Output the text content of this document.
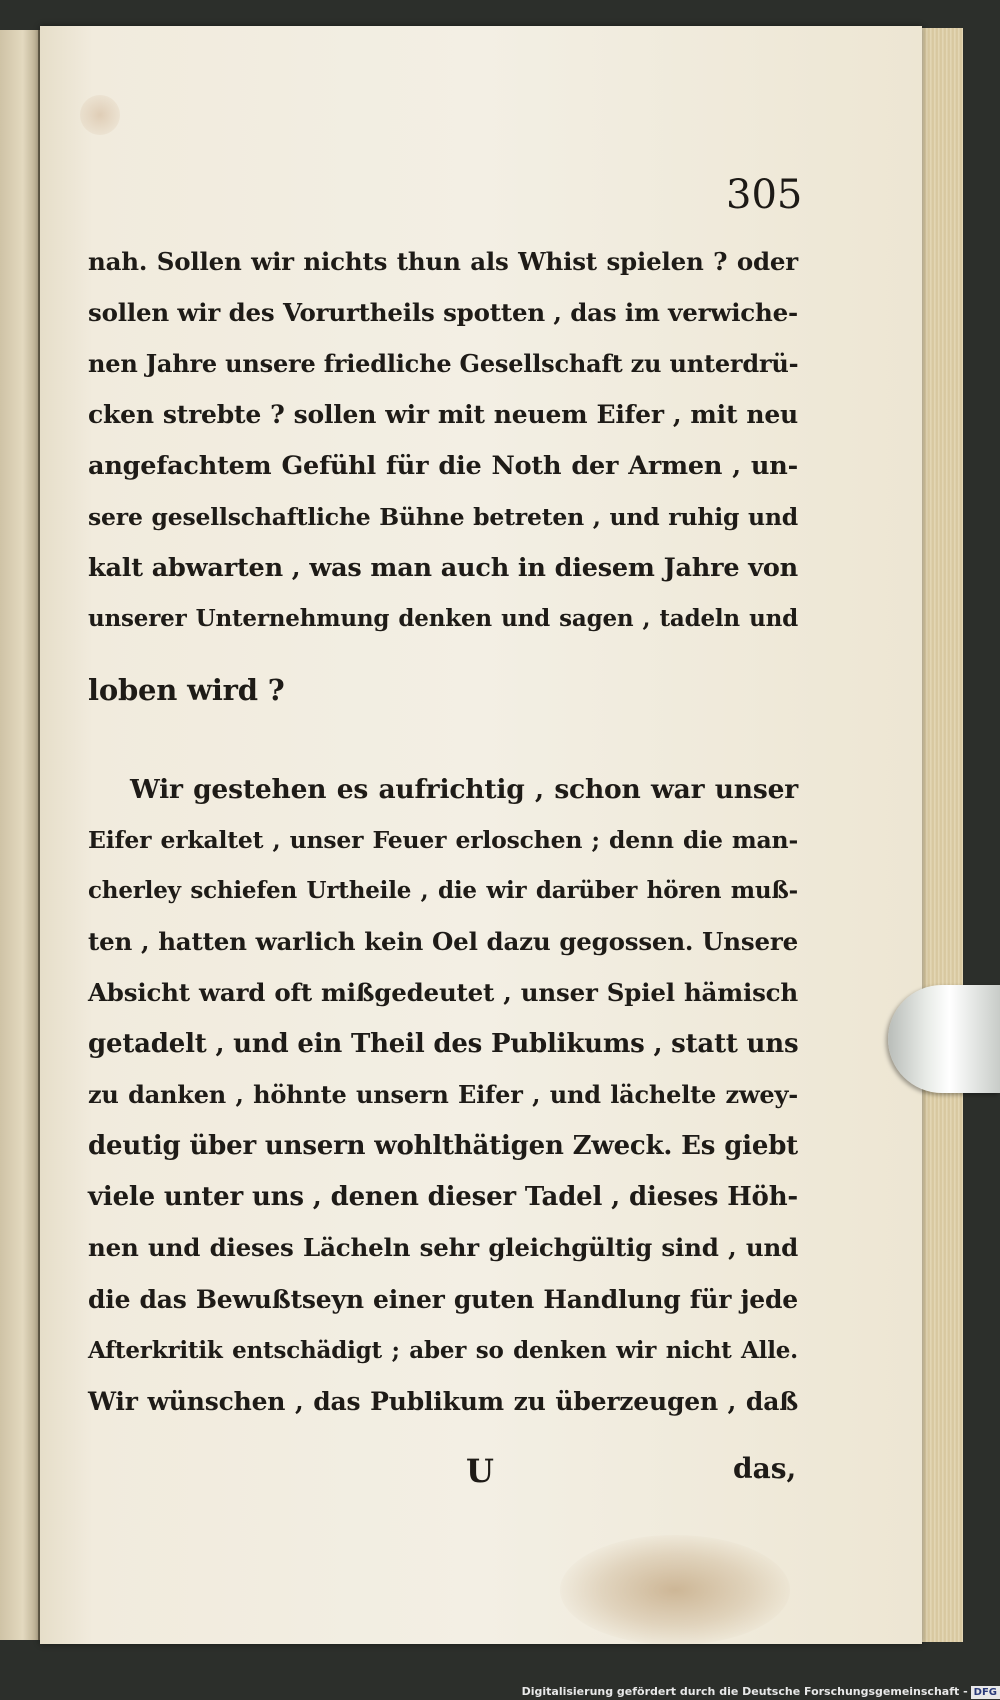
305
nah. Sollen wir nichts thun als Whist spielen ? oder
sollen wir des Vorurtheils spotten , das im verwiche-
nen Jahre unsere friedliche Gesellschaft zu unterdrü-
cken strebte ? sollen wir mit neuem Eifer , mit neu
angefachtem Gefühl für die Noth der Armen , un-
sere gesellschaftliche Bühne betreten , und ruhig und
kalt abwarten , was man auch in diesem Jahre von
unserer Unternehmung denken und sagen , tadeln und
loben wird ?
Wir gestehen es aufrichtig , schon war unser
Eifer erkaltet , unser Feuer erloschen ; denn die man-
cherley schiefen Urtheile , die wir darüber hören muß-
ten , hatten warlich kein Oel dazu gegossen. Unsere
Absicht ward oft mißgedeutet , unser Spiel hämisch
getadelt , und ein Theil des Publikums , statt uns
zu danken , höhnte unsern Eifer , und lächelte zwey-
deutig über unsern wohlthätigen Zweck. Es giebt
viele unter uns , denen dieser Tadel , dieses Höh-
nen und dieses Lächeln sehr gleichgültig sind , und
die das Bewußtseyn einer guten Handlung für jede
Afterkritik entschädigt ; aber so denken wir nicht Alle.
Wir wünschen , das Publikum zu überzeugen , daß
U	das,
Digitalisierung gefördert durch die Deutsche Forschungsgemeinschaft - DFG
